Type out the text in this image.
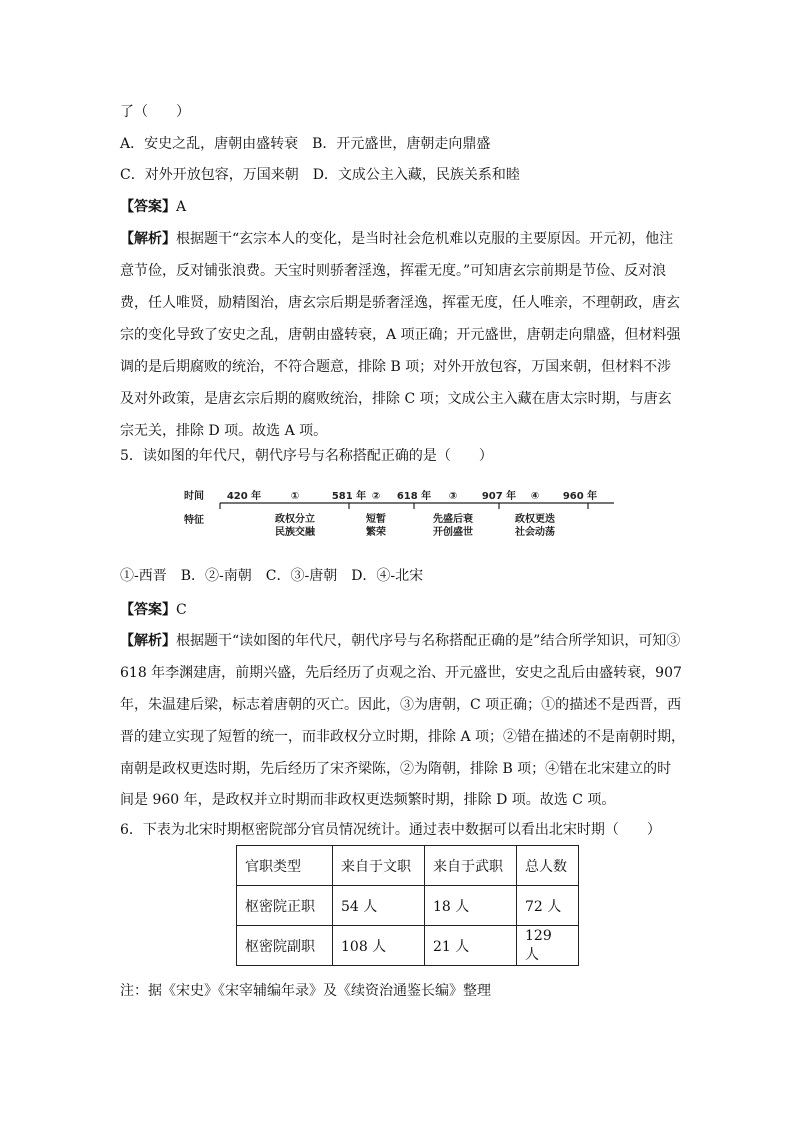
了（　　）
A．安史之乱，唐朝由盛转衰　B．开元盛世，唐朝走向鼎盛
C．对外开放包容，万国来朝　D．文成公主入藏，民族关系和睦
【答案】A
【解析】根据题干“玄宗本人的变化，是当时社会危机难以克服的主要原因。开元初，他注
意节俭，反对铺张浪费。天宝时则骄奢淫逸，挥霍无度。”可知唐玄宗前期是节俭、反对浪
费，任人唯贤，励精图治，唐玄宗后期是骄奢淫逸，挥霍无度，任人唯亲，不理朝政，唐玄
宗的变化导致了安史之乱，唐朝由盛转衰，A 项正确；开元盛世，唐朝走向鼎盛，但材料强
调的是后期腐败的统治，不符合题意，排除 B 项；对外开放包容，万国来朝，但材料不涉
及对外政策，是唐玄宗后期的腐败统治，排除 C 项；文成公主入藏在唐太宗时期，与唐玄
宗无关，排除 D 项。故选 A 项。
5．读如图的年代尺，朝代序号与名称搭配正确的是（　　）
时间
特征
420 年	①	581 年 ② 618 年 ③ 907 年 ④ 960 年
政权分立
民族交融
短暂
繁荣
先盛后衰
开创盛世
政权更迭
社会动荡
①-西晋　B．②-南朝　C．③-唐朝　D．④-北宋
【答案】C
【解析】根据题干“读如图的年代尺，朝代序号与名称搭配正确的是”结合所学知识，可知③
618 年李渊建唐，前期兴盛，先后经历了贞观之治、开元盛世，安史之乱后由盛转衰，907
年，朱温建后梁，标志着唐朝的灭亡。因此，③为唐朝，C 项正确；①的描述不是西晋，西
晋的建立实现了短暂的统一，而非政权分立时期，排除 A 项；②错在描述的不是南朝时期，
南朝是政权更迭时期，先后经历了宋齐梁陈，②为隋朝，排除 B 项；④错在北宋建立的时
间是 960 年，是政权并立时期而非政权更迭频繁时期，排除 D 项。故选 C 项。
6．下表为北宋时期枢密院部分官员情况统计。通过表中数据可以看出北宋时期（　　）
官职类型	来自于文职	来自于武职	总人数
枢密院正职	54 人	18 人	72 人
枢密院副职	108 人	21 人	129 人
注：据《宋史》《宋宰辅编年录》及《续资治通鉴长编》整理
